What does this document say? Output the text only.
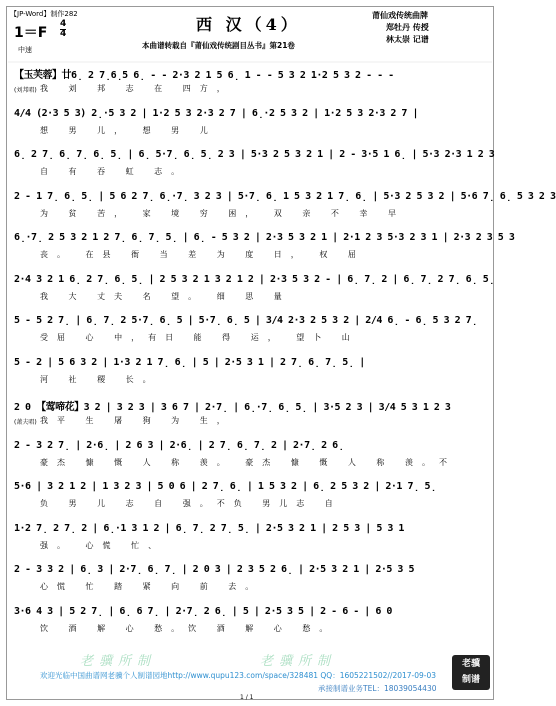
【JP-Word】制作282
西 汉（4）	莆仙戏传统曲牌
郑牡丹 传授
林太崇 记谱
本曲谱转载自『莆仙戏传统剧目丛书』第21卷
1＝F
4
4
中速
【玉芙蓉】廿6̣ 2 7̣6̣5 6̣ - - 2·3 2 1 5 6̣ 1 - - 5 3 2 1·2 5 3 2 - - -
我 刘 邦 志 在 四方，
(刘邦唱)
4/4 (2·3 5 3) 2̣·5 3 2 | 1·2 5 3 2·3 2 7 | 6̣·2 5 3 2 | 1·2 5 3 2·3 2 7 |
想 男 儿， 想 男 儿
6̣ 2 7̣ 6̣ 7̣ 6̣ 5̣ | 6̣ 5·7̣ 6̣ 5̣ 2 3 | 5·3 2 5 3 2 1 | 2 - 3·5 1 6̣ | 5·3 2·3 1 2 3
自 有 吞 虹 志。
2 - 1 7̣ 6̣ 5̣ | 5 6 2 7̣ 6̣·7̣ 3 2 3 | 5·7̣ 6̣ 1 5 3 2 1 7̣ 6̣ | 5·3 2 5 3 2 | 5·6 7̣ 6̣ 5 3 2 3
为 贫 苦， 家 境 穷 困， 双 亲 不 幸 早
6̣·7̣ 2 5 3 2 1 2 7̣ 6̣ 7̣ 5̣ | 6̣ - 5 3 2 | 2·3 5 3 2 1 | 2·1 2 3 5·3 2 3 1 | 2·3 2 3 5 3
丧。 在县 衙 当 差 为 度 日， 权 屈
2·4 3 2 1 6̣ 2 7̣ 6̣ 5̣ | 2 5 3 2 1 3 2 1 2 | 2·3 5 3 2 - | 6̣ 7̣ 2 | 6̣ 7̣ 2 7̣ 6̣ 5̣
我 大 丈夫 名 望。 细 思 量
5 - 5 2 7̣ | 6̣ 7̣ 2 5·7̣ 6̣ 5 | 5·7̣ 6̣ 5 | 3/4 2·3 2 5 3 2 | 2/4 6̣ - 6̣ 5 3 2 7̣
受屈 心 中，有日 能 得 运， 望卜 山
5 - 2 | 5 6 3 2 | 1·3 2 1 7̣ 6̣ | 5 | 2·5 3 1 | 2 7̣ 6̣ 7̣ 5̣ |
河 社 稷 长。
2 0 【莺啼花】3 2 | 3 2 3 | 3 6 7 | 2·7̣ | 6̣·7̣ 6̣ 5̣ | 3·5 2 3 | 3/4 5 3 1 2 3
我平 生 屠 狗 为 生，
(萧夫唱)
2 - 3 2 7̣ | 2·6̣ | 2 6 3 | 2·6̣ | 2 7̣ 6̣ 7̣ 2 | 2·7̣ 2 6̣
豪杰 慷 慨 人 称 羡。 豪杰 慷 慨 人 称 羡。不
5·6 | 3 2 1 2 | 1 3 2 3 | 5 0 6 | 2 7̣ 6̣ | 1 5 3 2 | 6̣ 2 5 3 2 | 2·1 7̣ 5̣
负 男 儿 志 自 强。不负 男儿志 自
1·2 7̣ 2 7̣ 2 | 6̣·1 3 1 2 | 6̣ 7̣ 2 7̣ 5̣ | 2·5 3 2 1 | 2 5 3 | 5 3 1
强。 心慌 忙、
2 - 3 3 2 | 6̣ 3 | 2·7̣ 6̣ 7̣ | 2 0 3 | 2 3 5 2 6̣ | 2·5 3 2 1 | 2·5 3 5
心慌 忙 踏 紧 向 前 去。
3·6 4 3 | 5 2 7̣ | 6̣ 6 7̣ | 2·7̣ 2 6̣ | 5 | 2·5 3 5 | 2 - 6 - | 6 0
饮 酒 解 心 愁。饮 酒 解 心 愁。
老骥所制	老骥所制	老骥
制谱
欢迎光临中国曲谱网老骥个人制谱园地http://www.qupu123.com/space/328481 QQ：1605221502//2017-09-03
承接制谱业务TEL：18039054430
1 / 1
